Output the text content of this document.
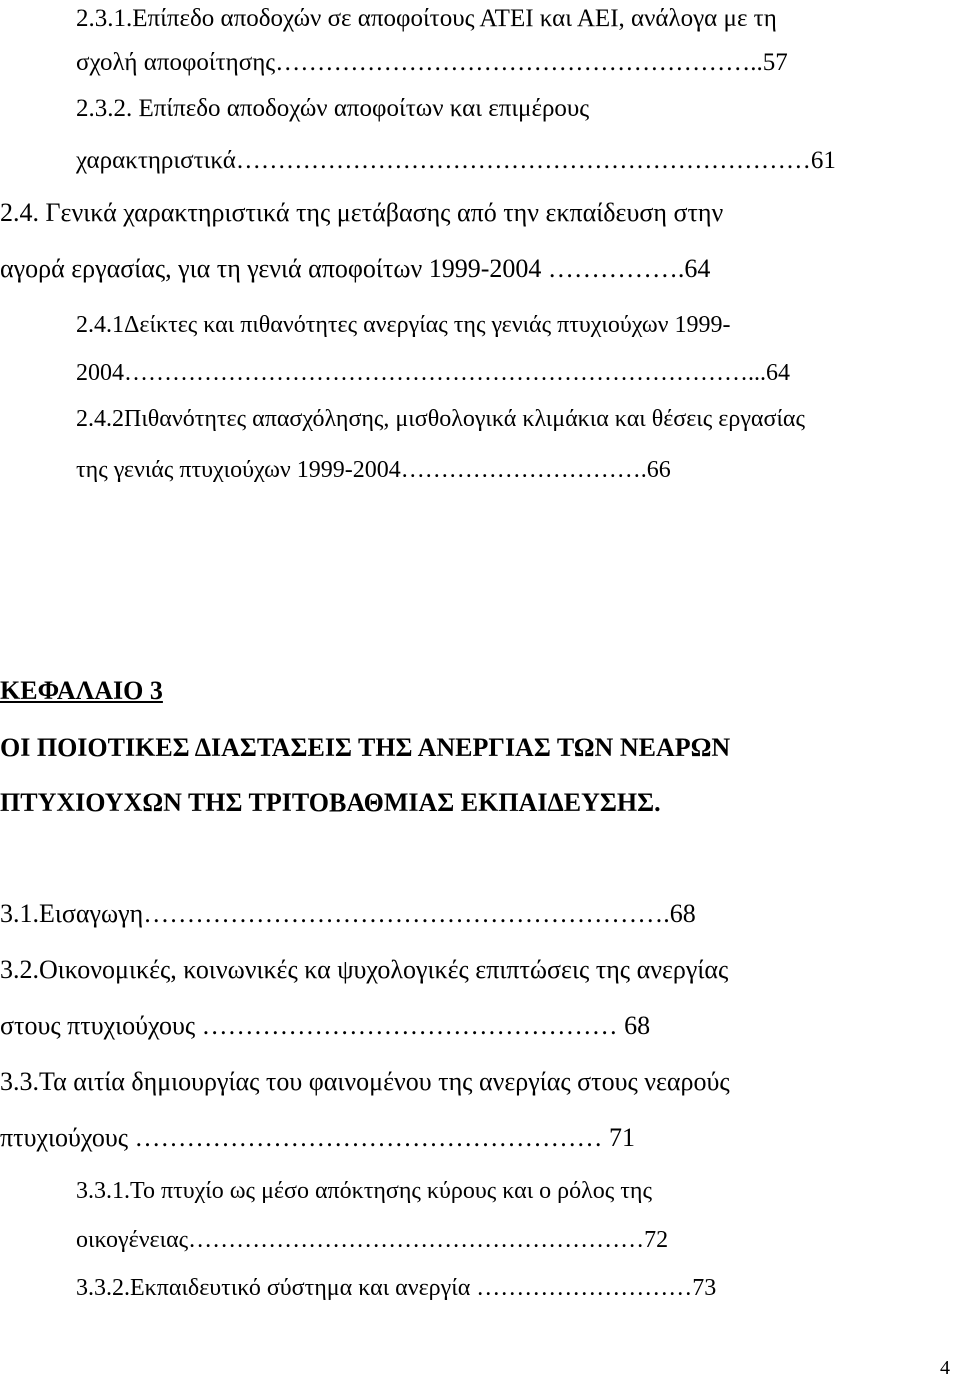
2.3.1.Επίπεδο αποδοχών σε αποφοίτους ΑΤΕΙ και ΑΕΙ, ανάλογα με τη
σχολή αποφοίτησης…………………………………………………..57
2.3.2. Επίπεδο αποδοχών αποφοίτων και επιμέρους
χαρακτηριστικά……………………………………………………………61
2.4. Γενικά χαρακτηριστικά της μετάβασης από την εκπαίδευση στην
αγορά εργασίας, για τη γενιά αποφοίτων 1999-2004 …………….64
2.4.1Δείκτες και πιθανότητες ανεργίας της γενιάς πτυχιούχων 1999-
2004……………………………………………………………………...64
2.4.2Πιθανότητες απασχόλησης, μισθολογικά κλιμάκια και θέσεις εργασίας
της γενιάς πτυχιούχων 1999-2004………………………….66
ΚΕΦΑΛΑΙΟ 3
ΟΙ ΠΟΙΟΤΙΚΕΣ ΔΙΑΣΤΑΣΕΙΣ ΤΗΣ ΑΝΕΡΓΙΑΣ ΤΩΝ ΝΕΑΡΩΝ
ΠΤΥΧΙΟΥΧΩΝ ΤΗΣ ΤΡΙΤΟΒΑΘΜΙΑΣ ΕΚΠΑΙΔΕΥΣΗΣ.
3.1.Εισαγωγη…………………………………………………….68
3.2.Οικονομικές, κοινωνικές κα ψυχολογικές επιπτώσεις της ανεργίας
στους πτυχιούχους ………………………………………… 68
3.3.Τα αιτία δημιουργίας του φαινομένου της ανεργίας στους νεαρούς
πτυχιούχους ……………………………………………… 71
3.3.1.Το πτυχίο ως μέσο απόκτησης κύρους και ο ρόλος της
οικογένειας…………………………………………………72
3.3.2.Εκπαιδευτικό σύστημα και ανεργία ………………………73
4
